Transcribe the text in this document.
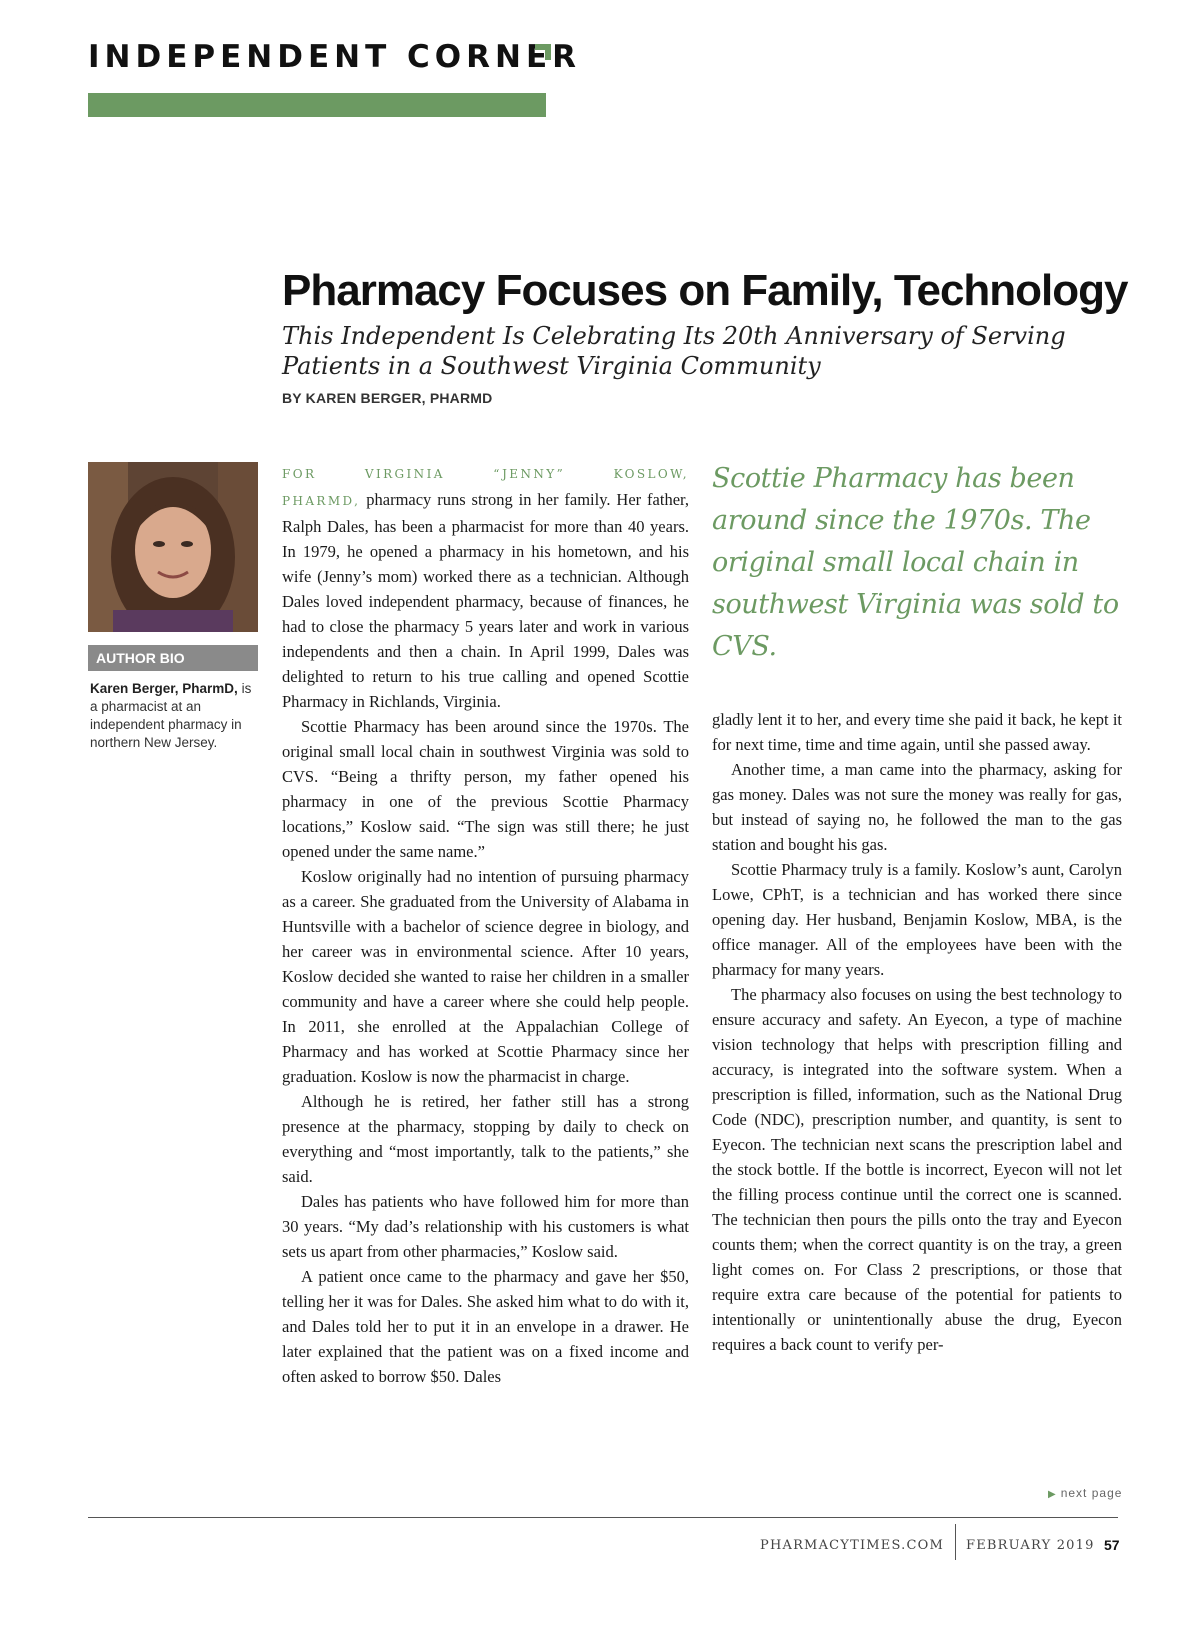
INDEPENDENT CORNER
Pharmacy Focuses on Family, Technology
This Independent Is Celebrating Its 20th Anniversary of Serving Patients in a Southwest Virginia Community
BY KAREN BERGER, PHARMD
AUTHOR BIO
Karen Berger, PharmD, is a pharmacist at an independent pharmacy in northern New Jersey.

FOR VIRGINIA “JENNY” KOSLOW, PHARMD, pharmacy runs strong in her family. Her father, Ralph Dales, has been a pharmacist for more than 40 years. In 1979, he opened a pharmacy in his hometown, and his wife (Jenny’s mom) worked there as a technician. Although Dales loved independent pharmacy, because of finances, he had to close the pharmacy 5 years later and work in various independents and then a chain. In April 1999, Dales was delighted to return to his true calling and opened Scottie Pharmacy in Richlands, Virginia.

Scottie Pharmacy has been around since the 1970s. The original small local chain in southwest Virginia was sold to CVS. “Being a thrifty person, my father opened his pharmacy in one of the previous Scottie Pharmacy locations,” Koslow said. “The sign was still there; he just opened under the same name.”

Koslow originally had no intention of pursuing pharmacy as a career. She graduated from the University of Alabama in Huntsville with a bachelor of science degree in biology, and her career was in environmental science. After 10 years, Koslow decided she wanted to raise her children in a smaller community and have a career where she could help people. In 2011, she enrolled at the Appalachian College of Pharmacy and has worked at Scottie Pharmacy since her graduation. Koslow is now the pharmacist in charge.

Although he is retired, her father still has a strong presence at the pharmacy, stopping by daily to check on everything and “most importantly, talk to the patients,” she said.

Dales has patients who have followed him for more than 30 years. “My dad’s relationship with his customers is what sets us apart from other pharmacies,” Koslow said.

A patient once came to the pharmacy and gave her $50, telling her it was for Dales. She asked him what to do with it, and Dales told her to put it in an envelope in a drawer. He later explained that the patient was on a fixed income and often asked to borrow $50. Dales

Scottie Pharmacy has been around since the 1970s. The original small local chain in southwest Virginia was sold to CVS.

gladly lent it to her, and every time she paid it back, he kept it for next time, time and time again, until she passed away.

Another time, a man came into the pharmacy, asking for gas money. Dales was not sure the money was really for gas, but instead of saying no, he followed the man to the gas station and bought his gas.

Scottie Pharmacy truly is a family. Koslow’s aunt, Carolyn Lowe, CPhT, is a technician and has worked there since opening day. Her husband, Benjamin Koslow, MBA, is the office manager. All of the employees have been with the pharmacy for many years.

The pharmacy also focuses on using the best technology to ensure accuracy and safety. An Eyecon, a type of machine vision technology that helps with prescription filling and accuracy, is integrated into the software system. When a prescription is filled, information, such as the National Drug Code (NDC), prescription number, and quantity, is sent to Eyecon. The technician next scans the prescription label and the stock bottle. If the bottle is incorrect, Eyecon will not let the filling process continue until the correct one is scanned. The technician then pours the pills onto the tray and Eyecon counts them; when the correct quantity is on the tray, a green light comes on. For Class 2 prescriptions, or those that require extra care because of the potential for patients to intentionally or unintentionally abuse the drug, Eyecon requires a back count to verify per-

▶ next page
PHARMACYTIMES.COM FEBRUARY 2019 57
